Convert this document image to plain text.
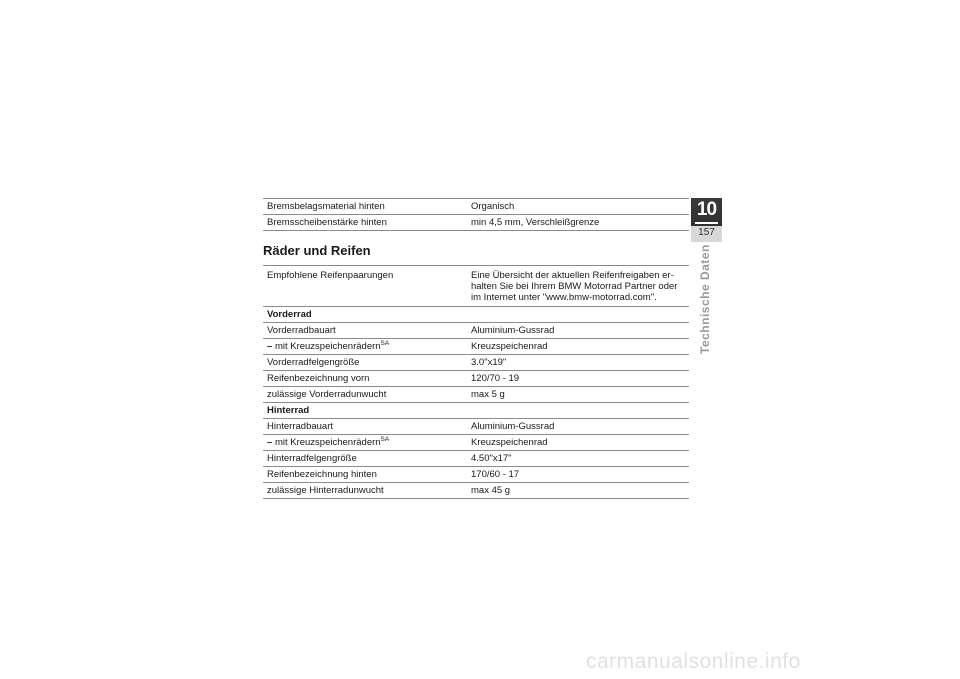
Bremsbelagsmaterial hinten	Organisch
Bremsscheibenstärke hinten	min 4,5 mm, Verschleißgrenze
Räder und Reifen
Empfohlene Reifenpaarungen	Eine Übersicht der aktuellen Reifenfreigaben er-
halten Sie bei Ihrem BMW Motorrad Partner oder
im Internet unter "www.bmw-motorrad.com".
Vorderrad
Vorderradbauart	Aluminium-Gussrad
– mit Kreuzspeichenrädern$^{SA}$	Kreuzspeichenrad
Vorderradfelgengröße	3.0"x19"
Reifenbezeichnung vorn	120/70 - 19
zulässige Vorderradunwucht	max 5 g
Hinterrad
Hinterradbauart	Aluminium-Gussrad
– mit Kreuzspeichenrädern$^{SA}$	Kreuzspeichenrad
Hinterradfelgengröße	4.50"x17"
Reifenbezeichnung hinten	170/60 - 17
zulässige Hinterradunwucht	max 45 g
10
157
Technische Daten
carmanualsonline.info
